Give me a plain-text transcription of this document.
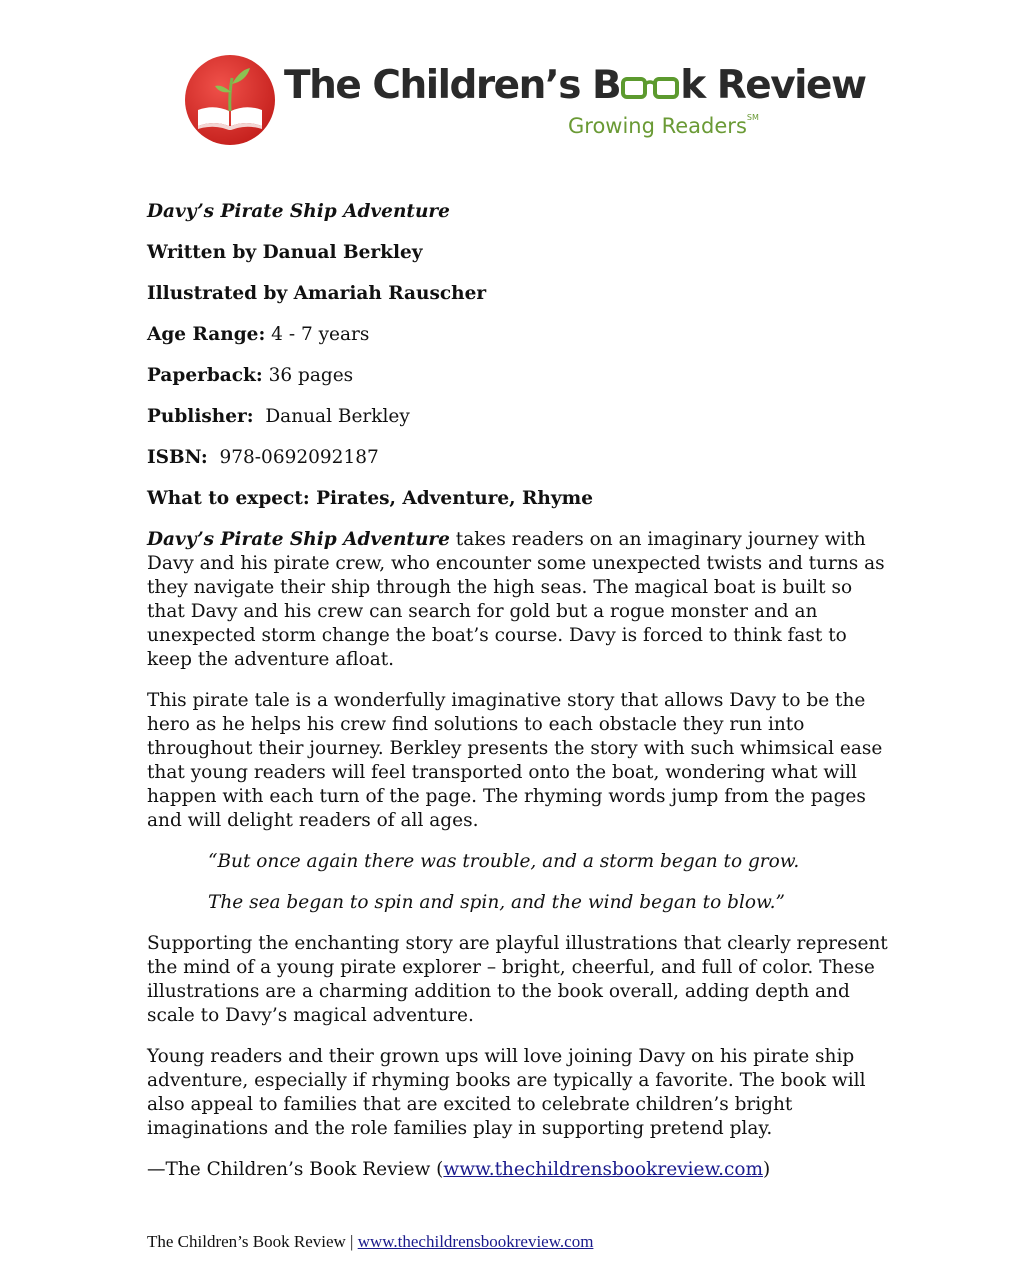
The Children’s B k Review
Growing Readers℠
Davy’s Pirate Ship Adventure
Written by Danual Berkley
Illustrated by Amariah Rauscher
Age Range: 4 - 7 years
Paperback: 36 pages
Publisher: Danual Berkley
ISBN: 978-0692092187
What to expect: Pirates, Adventure, Rhyme

Davy’s Pirate Ship Adventure takes readers on an imaginary journey with Davy and his pirate crew, who encounter some unexpected twists and turns as they navigate their ship through the high seas. The magical boat is built so that Davy and his crew can search for gold but a rogue monster and an unexpected storm change the boat’s course. Davy is forced to think fast to keep the adventure afloat.

This pirate tale is a wonderfully imaginative story that allows Davy to be the hero as he helps his crew find solutions to each obstacle they run into throughout their journey. Berkley presents the story with such whimsical ease that young readers will feel transported onto the boat, wondering what will happen with each turn of the page. The rhyming words jump from the pages and will delight readers of all ages.

“But once again there was trouble, and a storm began to grow.

The sea began to spin and spin, and the wind began to blow.”

Supporting the enchanting story are playful illustrations that clearly represent the mind of a young pirate explorer – bright, cheerful, and full of color. These illustrations are a charming addition to the book overall, adding depth and scale to Davy’s magical adventure.

Young readers and their grown ups will love joining Davy on his pirate ship adventure, especially if rhyming books are typically a favorite. The book will also appeal to families that are excited to celebrate children’s bright imaginations and the role families play in supporting pretend play.

—The Children’s Book Review (www.thechildrensbookreview.com)

The Children’s Book Review | www.thechildrensbookreview.com
